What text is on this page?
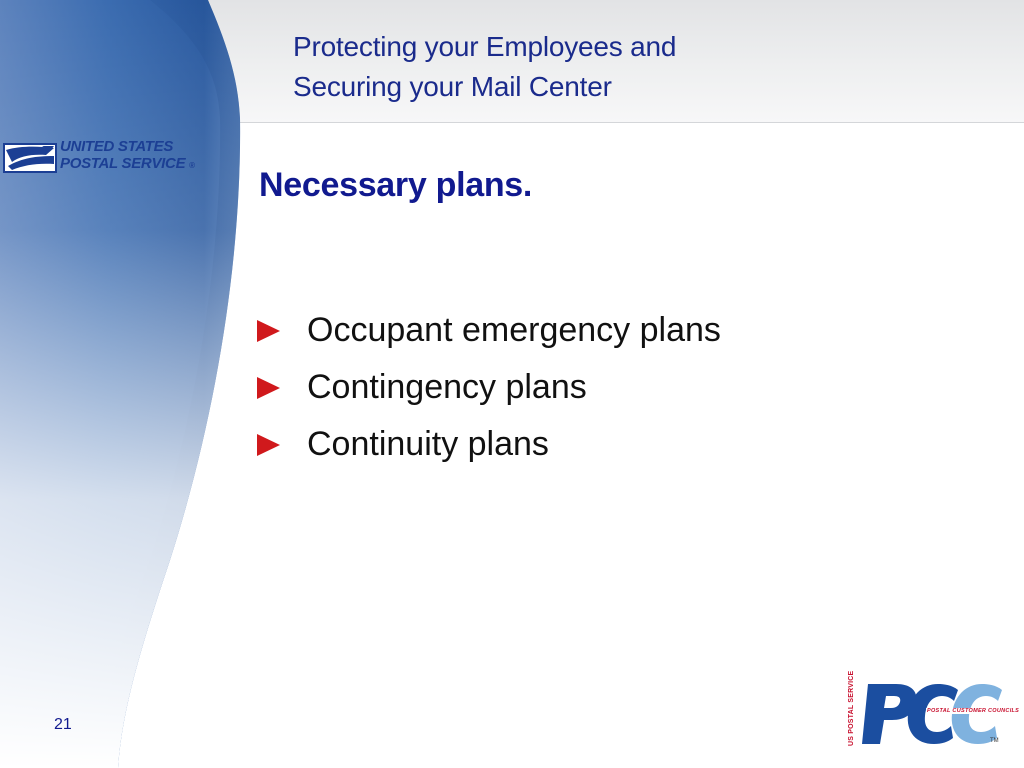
Protecting your Employees and
Securing your Mail Center
UNITED STATES
POSTAL SERVICE ®
Necessary plans.
Occupant emergency plans
Contingency plans
Continuity plans
21	US POSTAL SERVICE	POSTAL CUSTOMER COUNCILS
TM
